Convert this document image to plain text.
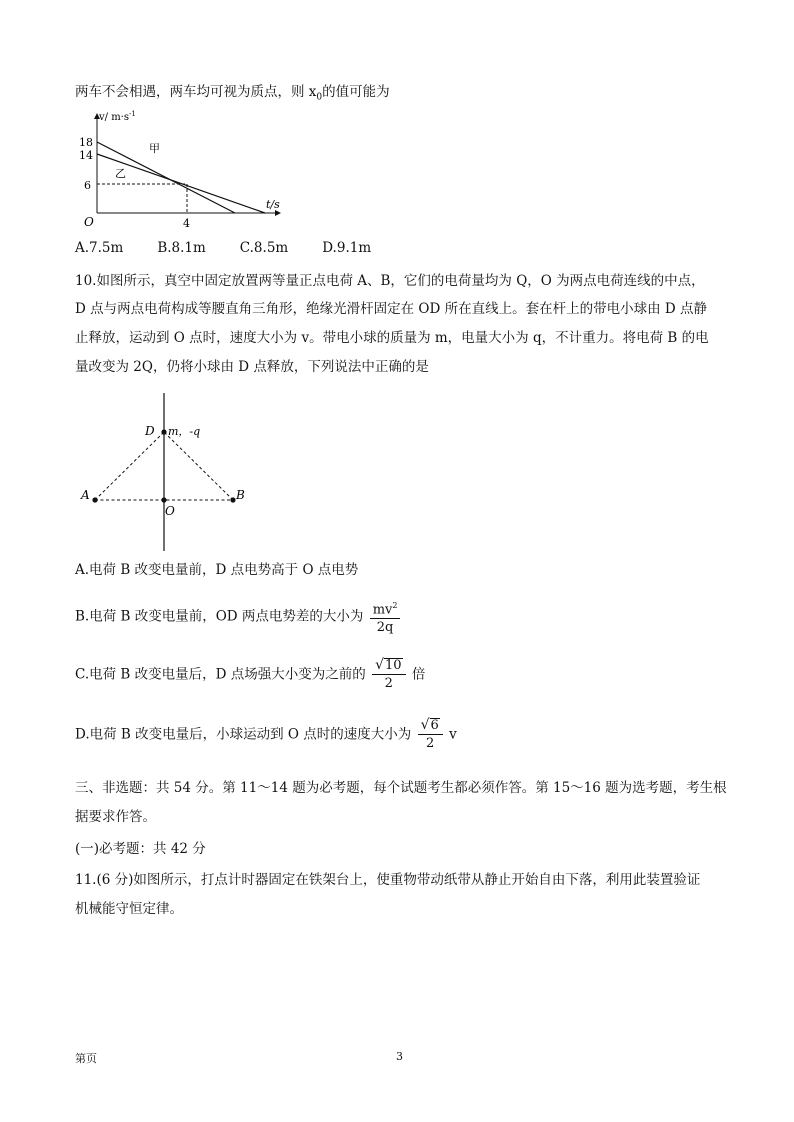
两车不会相遇，两车均可视为质点，则 $x_0$的值可能为
v/ $m\cdot s^{-1}$
t/s
O
18
14
6
4
甲
乙
A.7.5m	B.8.1m	C.8.5m	D.9.1m
10.如图所示，真空中固定放置两等量正点电荷 A、B，它们的电荷量均为 Q，O 为两点电荷连线的中点，
D 点与两点电荷构成等腰直角三角形，绝缘光滑杆固定在 OD 所在直线上。套在杆上的带电小球由 D 点静
止释放，运动到 O 点时，速度大小为 v。带电小球的质量为 m，电量大小为 q，不计重力。将电荷 B 的电
量改变为 2Q，仍将小球由 D 点释放，下列说法中正确的是
D m，-q
A	B
O
A.电荷 B 改变电量前，D 点电势高于 O 点电势
B.电荷 B 改变电量前，OD 两点电势差的大小为 $\frac{mv^2}{2q}$
C.电荷 B 改变电量后，D 点场强大小变为之前的 $\frac{√ 10}{2}$ 倍
D.电荷 B 改变电量后，小球运动到 O 点时的速度大小为 $\frac{√ 6}{2}$ v
三、非选题：共 54 分。第 11～14 题为必考题，每个试题考生都必须作答。第 15～16 题为选考题，考生根
据要求作答。
(一)必考题：共 42 分
11.(6 分)如图所示，打点计时器固定在铁架台上，使重物带动纸带从静止开始自由下落，利用此装置验证
机械能守恒定律。
第页	3
